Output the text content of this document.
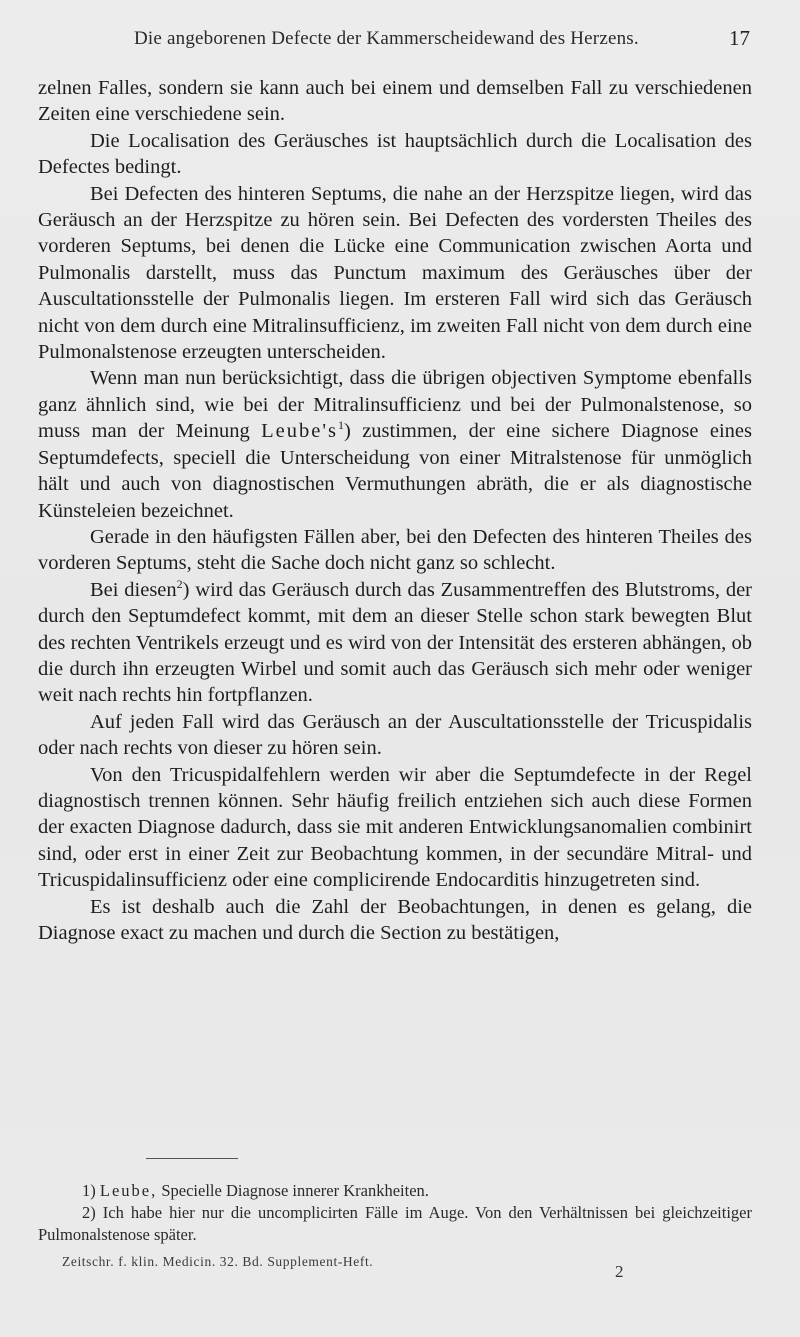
Die angeborenen Defecte der Kammerscheidewand des Herzens.	17

zelnen Falles, sondern sie kann auch bei einem und demselben Fall zu verschiedenen Zeiten eine verschiedene sein.

Die Localisation des Geräusches ist hauptsächlich durch die Localisation des Defectes bedingt.

Bei Defecten des hinteren Septums, die nahe an der Herzspitze liegen, wird das Geräusch an der Herzspitze zu hören sein. Bei Defecten des vordersten Theiles des vorderen Septums, bei denen die Lücke eine Communication zwischen Aorta und Pulmonalis darstellt, muss das Punctum maximum des Geräusches über der Auscultationsstelle der Pulmonalis liegen. Im ersteren Fall wird sich das Geräusch nicht von dem durch eine Mitralinsufficienz, im zweiten Fall nicht von dem durch eine Pulmonalstenose erzeugten unterscheiden.

Wenn man nun berücksichtigt, dass die übrigen objectiven Symptome ebenfalls ganz ähnlich sind, wie bei der Mitralinsufficienz und bei der Pulmonalstenose, so muss man der Meinung $Leube's^1$) zustimmen, der eine sichere Diagnose eines Septumdefects, speciell die Unterscheidung von einer Mitralstenose für unmöglich hält und auch von diagnostischen Vermuthungen abräth, die er als diagnostische Künsteleien bezeichnet.

Gerade in den häufigsten Fällen aber, bei den Defecten des hinteren Theiles des vorderen Septums, steht die Sache doch nicht ganz so schlecht.

Bei diesen$^2$) wird das Geräusch durch das Zusammentreffen des Blutstroms, der durch den Septumdefect kommt, mit dem an dieser Stelle schon stark bewegten Blut des rechten Ventrikels erzeugt und es wird von der Intensität des ersteren abhängen, ob die durch ihn erzeugten Wirbel und somit auch das Geräusch sich mehr oder weniger weit nach rechts hin fortpflanzen.

Auf jeden Fall wird das Geräusch an der Auscultationsstelle der Tricuspidalis oder nach rechts von dieser zu hören sein.

Von den Tricuspidalfehlern werden wir aber die Septumdefecte in der Regel diagnostisch trennen können. Sehr häufig freilich entziehen sich auch diese Formen der exacten Diagnose dadurch, dass sie mit anderen Entwicklungsanomalien combinirt sind, oder erst in einer Zeit zur Beobachtung kommen, in der secundäre Mitral- und Tricuspidalinsufficienz oder eine complicirende Endocarditis hinzugetreten sind.

Es ist deshalb auch die Zahl der Beobachtungen, in denen es gelang, die Diagnose exact zu machen und durch die Section zu bestätigen,

1) Leube, Specielle Diagnose innerer Krankheiten.

2) Ich habe hier nur die uncomplicirten Fälle im Auge. Von den Verhältnissen bei gleichzeitiger Pulmonalstenose später.

Zeitschr. f. klin. Medicin. 32. Bd. Supplement-Heft.
2
